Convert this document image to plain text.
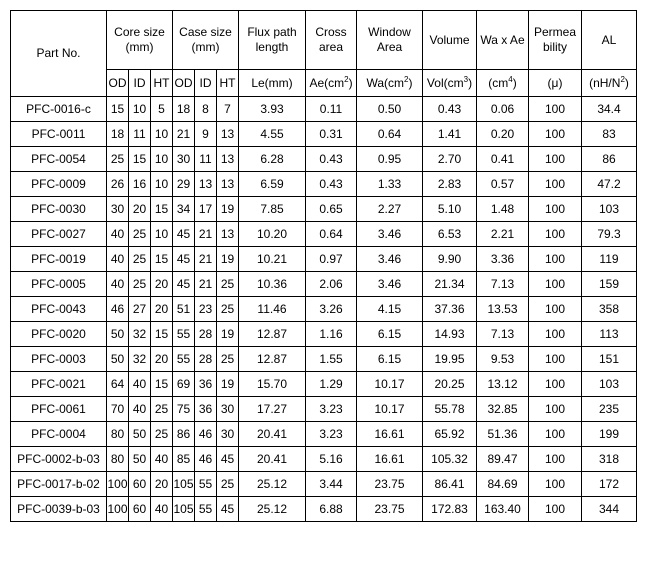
Part No.	Core size (mm)			Case size (mm)			Flux path length	Cross area	Window Area	Volume	Wa x Ae	Permea bility	AL
	OD	ID	HT	OD	ID	HT	Le(mm)	$Ae(cm^2)$	$Wa(cm^2)$	$Vol(cm^3)$	$(cm^4)$	(μ)	$(nH/N^2)$
PFC-0016-c	15	10	5	18	8	7	3.93	0.11	0.50	0.43	0.06	100	34.4
PFC-0011	18	11	10	21	9	13	4.55	0.31	0.64	1.41	0.20	100	83
PFC-0054	25	15	10	30	11	13	6.28	0.43	0.95	2.70	0.41	100	86
PFC-0009	26	16	10	29	13	13	6.59	0.43	1.33	2.83	0.57	100	47.2
PFC-0030	30	20	15	34	17	19	7.85	0.65	2.27	5.10	1.48	100	103
PFC-0027	40	25	10	45	21	13	10.20	0.64	3.46	6.53	2.21	100	79.3
PFC-0019	40	25	15	45	21	19	10.21	0.97	3.46	9.90	3.36	100	119
PFC-0005	40	25	20	45	21	25	10.36	2.06	3.46	21.34	7.13	100	159
PFC-0043	46	27	20	51	23	25	11.46	3.26	4.15	37.36	13.53	100	358
PFC-0020	50	32	15	55	28	19	12.87	1.16	6.15	14.93	7.13	100	113
PFC-0003	50	32	20	55	28	25	12.87	1.55	6.15	19.95	9.53	100	151
PFC-0021	64	40	15	69	36	19	15.70	1.29	10.17	20.25	13.12	100	103
PFC-0061	70	40	25	75	36	30	17.27	3.23	10.17	55.78	32.85	100	235
PFC-0004	80	50	25	86	46	30	20.41	3.23	16.61	65.92	51.36	100	199
PFC-0002-b-03	80	50	40	85	46	45	20.41	5.16	16.61	105.32	89.47	100	318
PFC-0017-b-02	100	60	20	105	55	25	25.12	3.44	23.75	86.41	84.69	100	172
PFC-0039-b-03	100	60	40	105	55	45	25.12	6.88	23.75	172.83	163.40	100	344
